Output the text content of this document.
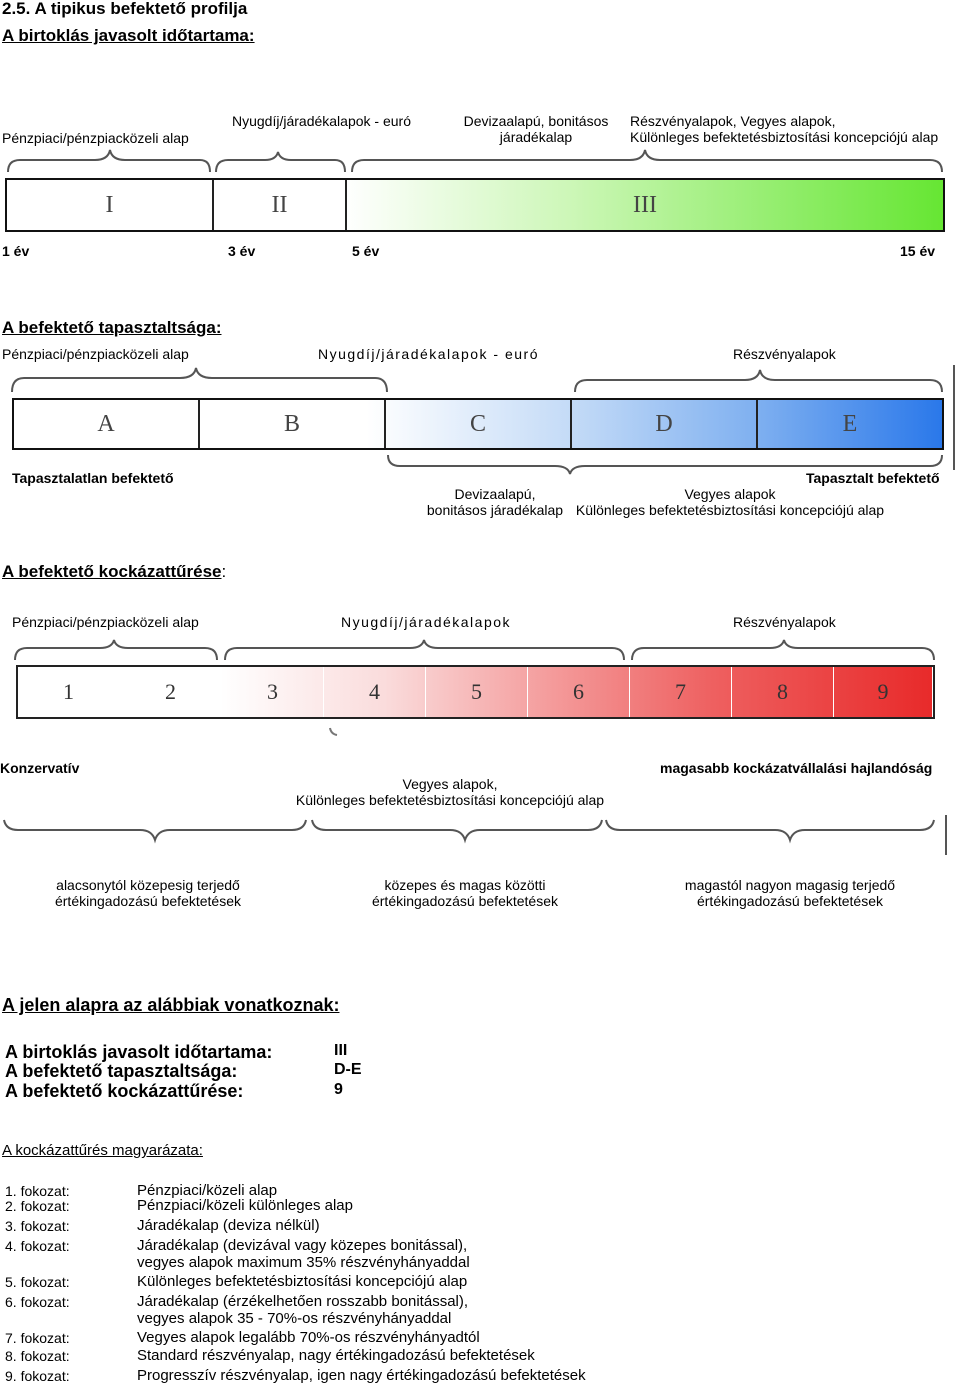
2.5. A tipikus befektető profilja
A birtoklás javasolt időtartama:
Pénzpiaci/pénzpiacközeli alap
Nyugdíj/járadékalapok - euró	Devizaalapú, bonitásos
járadékalap
Részvényalapok, Vegyes alapok,
Különleges befektetésbiztosítási koncepciójú alap
I	II	III
1 év	3 év	5 év	15 év
A befektető tapasztaltsága:
Pénzpiaci/pénzpiacközeli alap	Nyugdíj/járadékalapok - euró	Részvényalapok
A	B	C	D	E
Tapasztalatlan befektető	Tapasztalt befektető
Devizaalapú,
bonitásos járadékalap
Vegyes alapok
Különleges befektetésbiztosítási koncepciójú alap
A befektető kockázattűrése:
Pénzpiaci/pénzpiacközeli alap	Nyugdíj/járadékalapok	Részvényalapok
1	2	3	4	5	6	7	8	9
Konzervatív	magasabb kockázatvállalási hajlandóság
Vegyes alapok,
Különleges befektetésbiztosítási koncepciójú alap
alacsonytól közepesig terjedő
értékingadozású befektetések
közepes és magas közötti
értékingadozású befektetések
magastól nagyon magasig terjedő
értékingadozású befektetések
A jelen alapra az alábbiak vonatkoznak:
A birtoklás javasolt időtartama:	III
A befektető tapasztaltsága:	D-E
A befektető kockázattűrése:	9
A kockázattűrés magyarázata:
1. fokozat:	Pénzpiaci/közeli alap
2. fokozat:	Pénzpiaci/közeli különleges alap
3. fokozat:	Járadékalap (deviza nélkül)
4. fokozat:	Járadékalap (devizával vagy közepes bonitással),
vegyes alapok maximum 35% részvényhányaddal
5. fokozat:	Különleges befektetésbiztosítási koncepciójú alap
6. fokozat:	Járadékalap (érzékelhetően rosszabb bonitással),
vegyes alapok 35 - 70%-os részvényhányaddal
7. fokozat:	Vegyes alapok legalább 70%-os részvényhányadtól
8. fokozat:	Standard részvényalap, nagy értékingadozású befektetések
9. fokozat:	Progresszív részvényalap, igen nagy értékingadozású befektetések
